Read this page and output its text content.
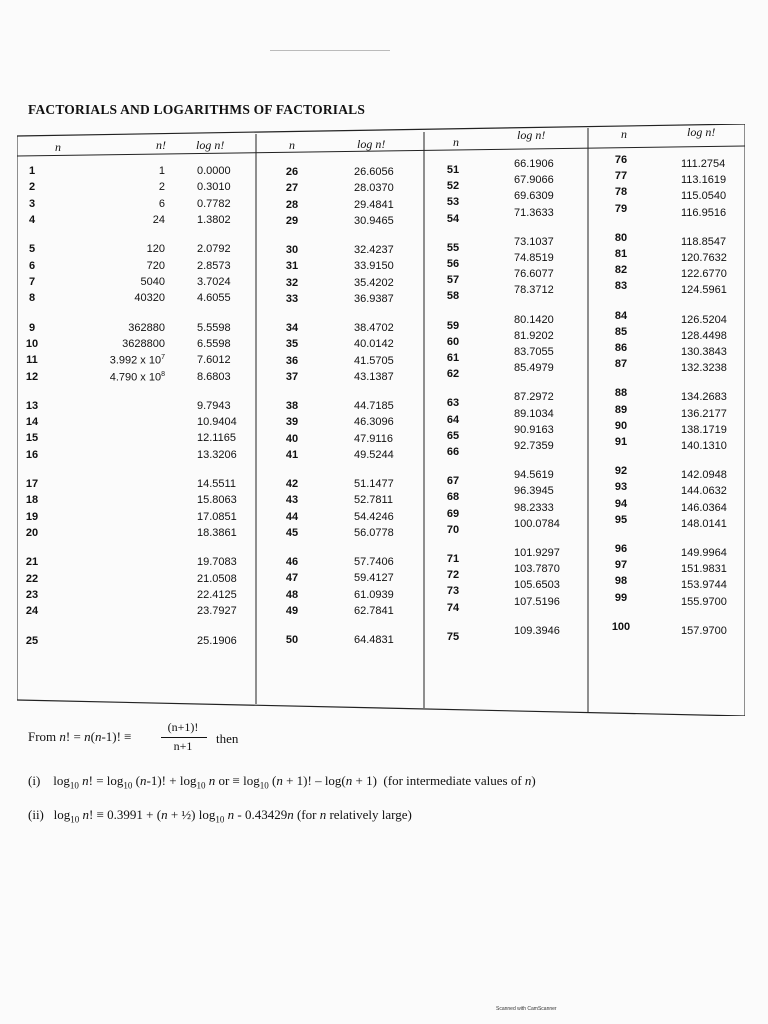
FACTORIALS AND LOGARITHMS OF FACTORIALS
n	n!	log n!	n	log n!	n	log n!	n	log n!
1	1	0.0000
2	2	0.3010
3	6	0.7782
4	24	1.3802
5	120	2.0792
6	720	2.8573
7	5040	3.7024
8	40320	4.6055
9	362880	5.5598
10	3628800	6.5598
11	3.992 x $10^7$	7.6012
12	4.790 x $10^8$	8.6803
13	9.7943
14	10.9404
15	12.1165
16	13.3206
17	14.5511
18	15.8063
19	17.0851
20	18.3861
21	19.7083
22	21.0508
23	22.4125
24	23.7927
25	25.1906
26	26.6056
27	28.0370
28	29.4841
29	30.9465
30	32.4237
31	33.9150
32	35.4202
33	36.9387
34	38.4702
35	40.0142
36	41.5705
37	43.1387
38	44.7185
39	46.3096
40	47.9116
41	49.5244
42	51.1477
43	52.7811
44	54.4246
45	56.0778
46	57.7406
47	59.4127
48	61.0939
49	62.7841
50	64.4831
51	66.1906
52	67.9066
53	69.6309
54	71.3633
55	73.1037
56	74.8519
57	76.6077
58	78.3712
59	80.1420
60	81.9202
61	83.7055
62	85.4979
63	87.2972
64	89.1034
65	90.9163
66	92.7359
67	94.5619
68	96.3945
69	98.2333
70	100.0784
71	101.9297
72	103.7870
73	105.6503
74	107.5196
75	109.3946
76	111.2754
77	113.1619
78	115.0540
79	116.9516
80	118.8547
81	120.7632
82	122.6770
83	124.5961
84	126.5204
85	128.4498
86	130.3843
87	132.3238
88	134.2683
89	136.2177
90	138.1719
91	140.1310
92	142.0948
93	144.0632
94	146.0364
95	148.0141
96	149.9964
97	151.9831
98	153.9744
99	155.9700
100	157.9700
From n! = n(n-1)! ≡
(n+1)!
n+1	then
(i)    $\log_{10} n$! = $\log_{10} (n-1)$! + $\log_{10} n$ or ≡ $\log_{10} (n + 1)$! – log(n + 1)  (for intermediate values of n)
(ii)   $\log_{10} n$! ≡ 0.3991 + (n + ½) $\log_{10} n - 0.43429n$ (for n relatively large)
Scanned with CamScanner
